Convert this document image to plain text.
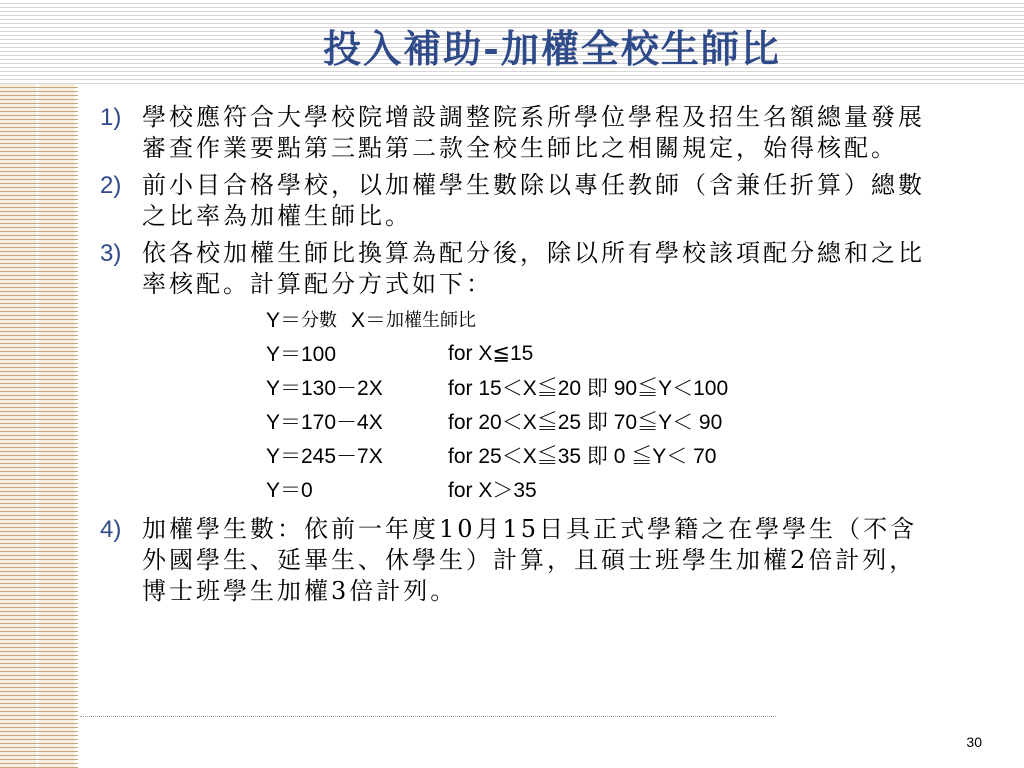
投入補助-加權全校生師比
1) 學校應符合大學校院增設調整院系所學位學程及招生名額總量發展審查作業要點第三點第二款全校生師比之相關規定，始得核配。
2) 前小目合格學校，以加權學生數除以專任教師（含兼任折算）總數之比率為加權生師比。
3) 依各校加權生師比換算為配分後，除以所有學校該項配分總和之比率核配。計算配分方式如下：
Y＝ 分數 X＝ 加權生師比
Y＝100	for X≦15
Y＝130－2X	for 15＜X≦20 即 90≦Y＜100
Y＝170－4X	for 20＜X≦25 即 70≦Y＜ 90
Y＝245－7X	for 25＜X≦35 即 0 ≦Y＜ 70
Y＝0	for X＞35
4) 加權學生數：依前一年度10月15日具正式學籍之在學學生（不含外國學生、延畢生、休學生）計算，且碩士班學生加權2倍計列，博士班學生加權3倍計列。
30
